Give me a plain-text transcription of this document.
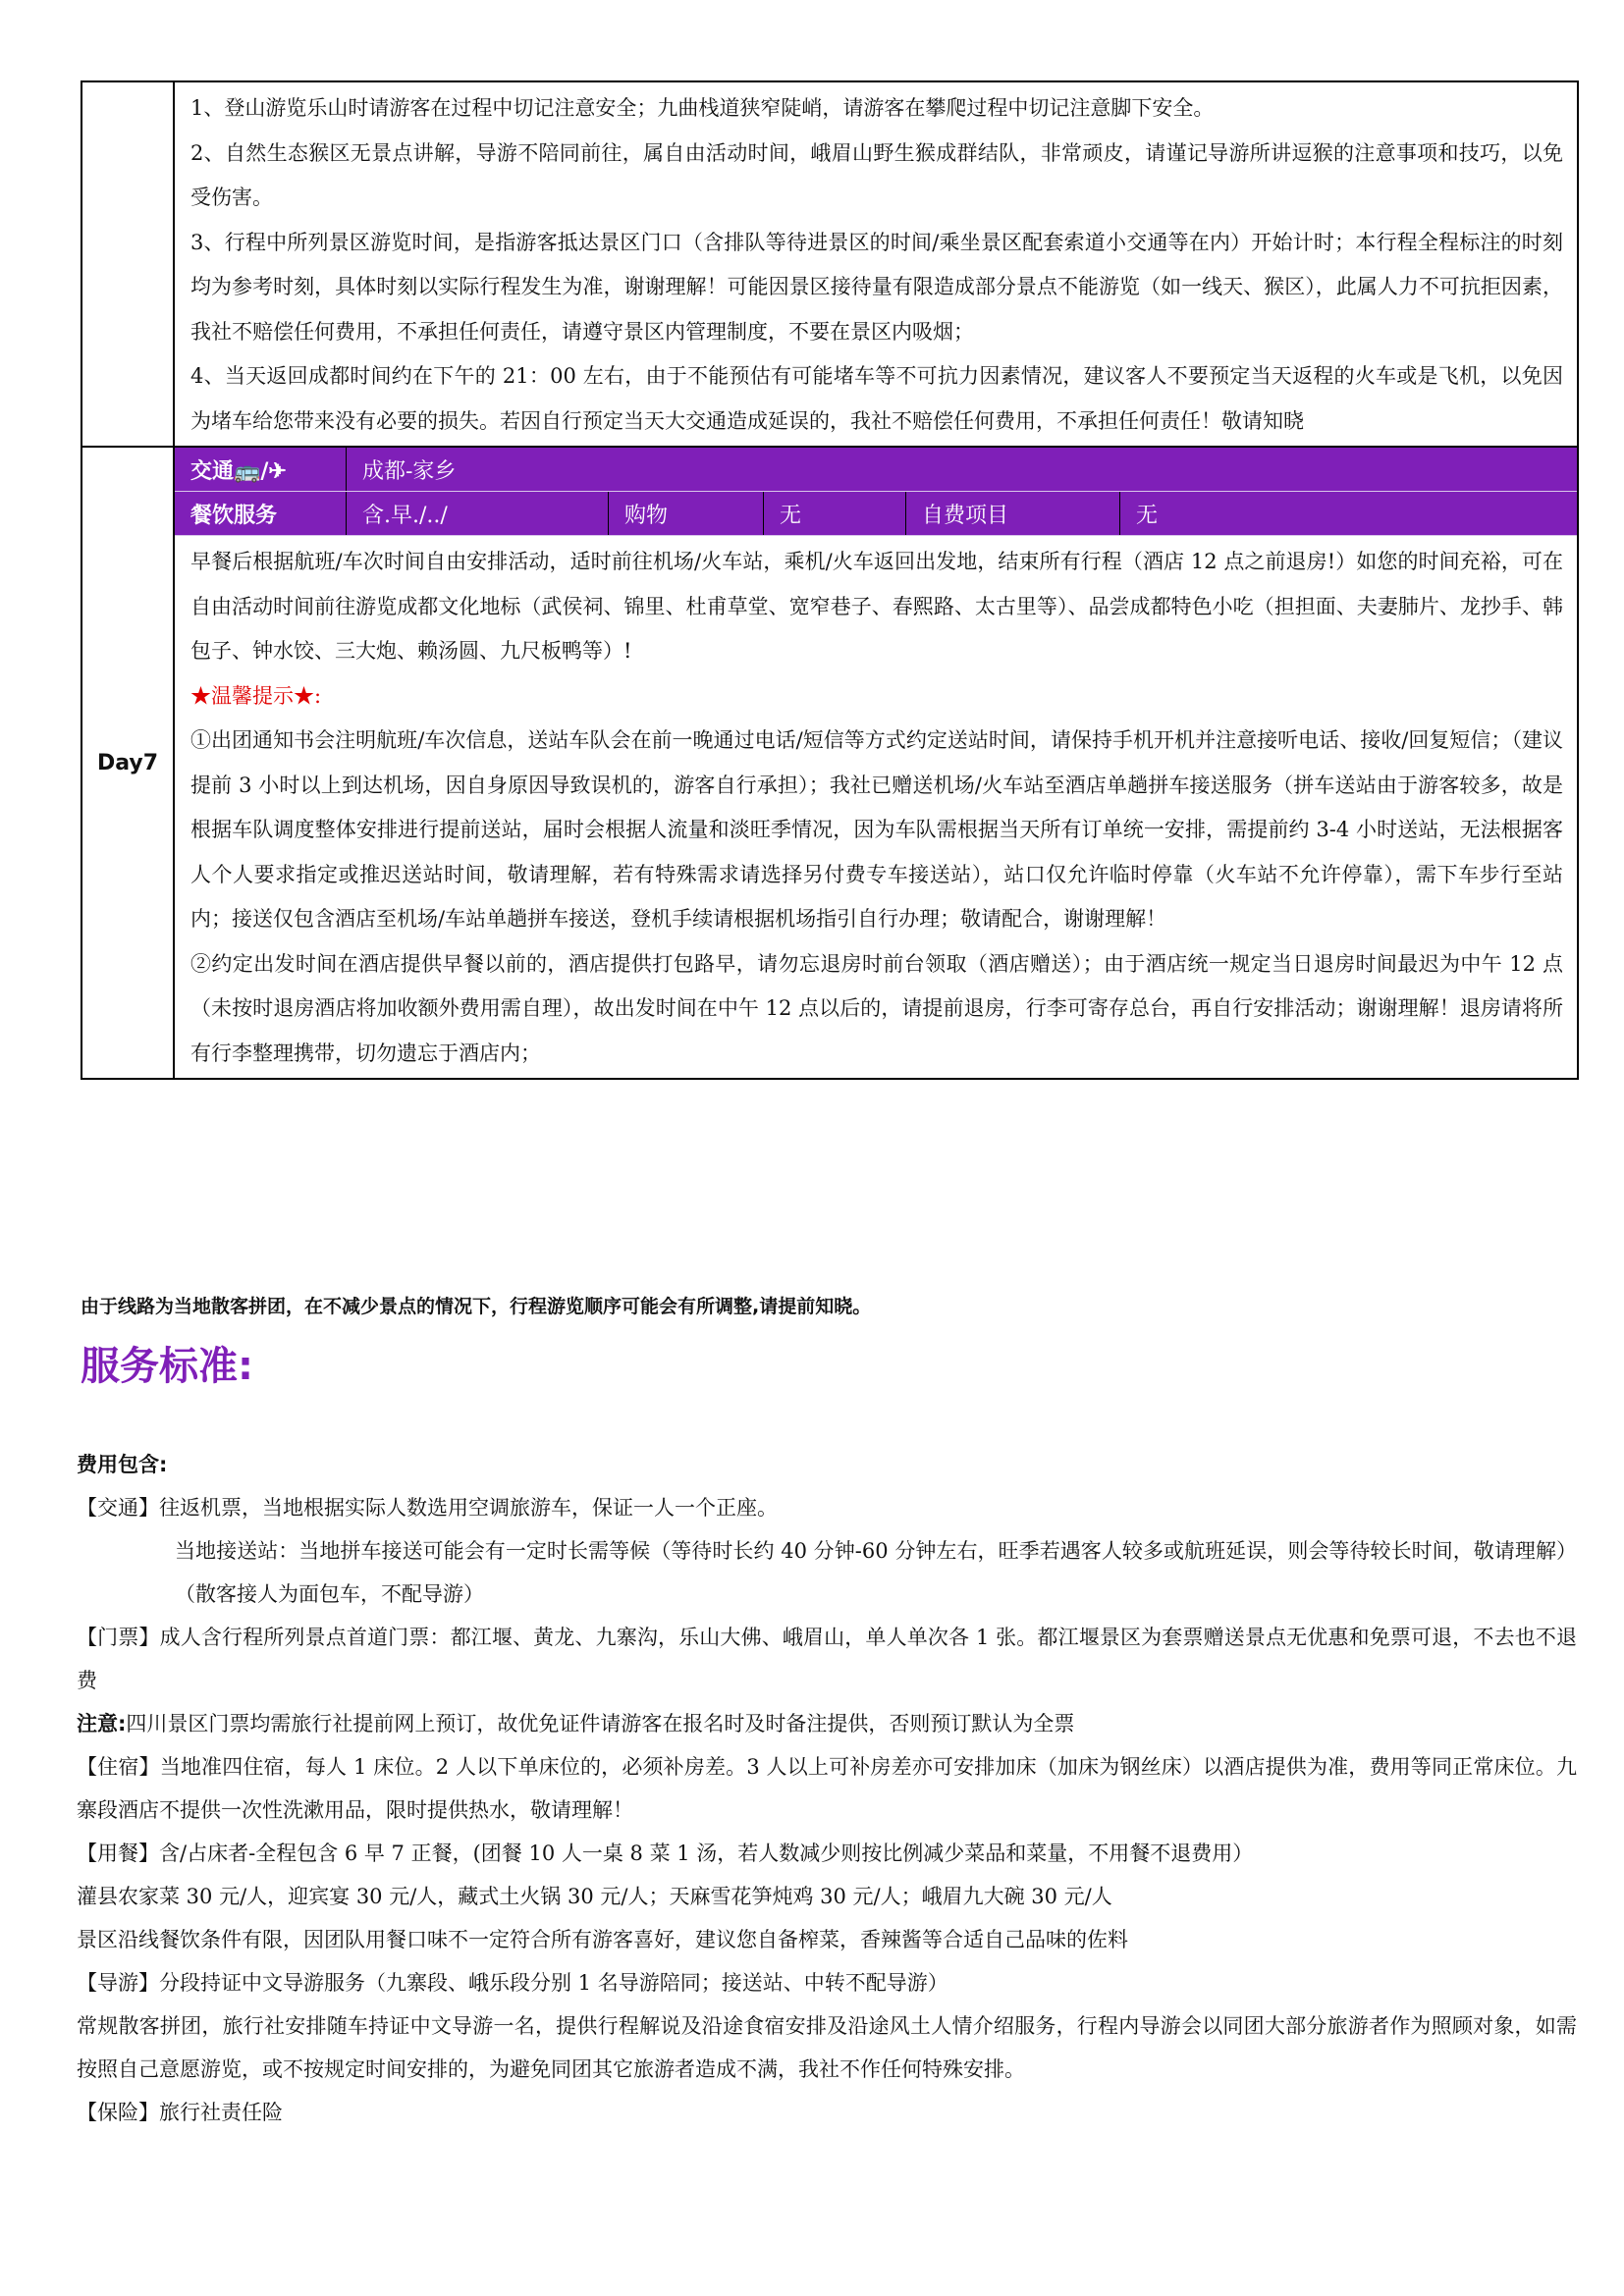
1、登山游览乐山时请游客在过程中切记注意安全；九曲栈道狭窄陡峭，请游客在攀爬过程中切记注意脚下安全。
2、自然生态猴区无景点讲解，导游不陪同前往，属自由活动时间，峨眉山野生猴成群结队，非常顽皮，请谨记导游所讲逗猴的注意事项和技巧，以免受伤害。
3、行程中所列景区游览时间，是指游客抵达景区门口（含排队等待进景区的时间/乘坐景区配套索道小交通等在内）开始计时；本行程全程标注的时刻均为参考时刻，具体时刻以实际行程发生为准，谢谢理解！可能因景区接待量有限造成部分景点不能游览（如一线天、猴区），此属人力不可抗拒因素，我社不赔偿任何费用，不承担任何责任，请遵守景区内管理制度，不要在景区内吸烟；
4、当天返回成都时间约在下午的 21：00 左右，由于不能预估有可能堵车等不可抗力因素情况，建议客人不要预定当天返程的火车或是飞机，以免因为堵车给您带来没有必要的损失。若因自行预定当天大交通造成延误的，我社不赔偿任何费用，不承担任何责任！敬请知晓
Day7
交通🚌/✈	成都-家乡
餐饮服务	含.早./../	购物	无	自费项目	无
早餐后根据航班/车次时间自由安排活动，适时前往机场/火车站，乘机/火车返回出发地，结束所有行程（酒店 12 点之前退房!）如您的时间充裕，可在自由活动时间前往游览成都文化地标（武侯祠、锦里、杜甫草堂、宽窄巷子、春熙路、太古里等）、品尝成都特色小吃（担担面、夫妻肺片、龙抄手、韩包子、钟水饺、三大炮、赖汤圆、九尺板鸭等）!
★温馨提示★:
①出团通知书会注明航班/车次信息，送站车队会在前一晚通过电话/短信等方式约定送站时间，请保持手机开机并注意接听电话、接收/回复短信；（建议提前 3 小时以上到达机场，因自身原因导致误机的，游客自行承担）；我社已赠送机场/火车站至酒店单趟拼车接送服务（拼车送站由于游客较多，故是根据车队调度整体安排进行提前送站，届时会根据人流量和淡旺季情况，因为车队需根据当天所有订单统一安排，需提前约 3-4 小时送站，无法根据客人个人要求指定或推迟送站时间，敬请理解，若有特殊需求请选择另付费专车接送站），站口仅允许临时停靠（火车站不允许停靠），需下车步行至站内；接送仅包含酒店至机场/车站单趟拼车接送，登机手续请根据机场指引自行办理；敬请配合，谢谢理解！
②约定出发时间在酒店提供早餐以前的，酒店提供打包路早，请勿忘退房时前台领取（酒店赠送）；由于酒店统一规定当日退房时间最迟为中午 12 点（未按时退房酒店将加收额外费用需自理），故出发时间在中午 12 点以后的，请提前退房，行李可寄存总台，再自行安排活动；谢谢理解！退房请将所有行李整理携带，切勿遗忘于酒店内；
由于线路为当地散客拼团，在不减少景点的情况下，行程游览顺序可能会有所调整,请提前知晓。
服务标准:

费用包含:

【交通】往返机票，当地根据实际人数选用空调旅游车，保证一人一个正座。

当地接送站：当地拼车接送可能会有一定时长需等候（等待时长约 40 分钟-60 分钟左右，旺季若遇客人较多或航班延误，则会等待较长时间，敬请理解）（散客接人为面包车，不配导游）

【门票】成人含行程所列景点首道门票：都江堰、黄龙、九寨沟，乐山大佛、峨眉山，单人单次各 1 张。都江堰景区为套票赠送景点无优惠和免票可退，不去也不退费

注意:四川景区门票均需旅行社提前网上预订，故优免证件请游客在报名时及时备注提供，否则预订默认为全票

【住宿】当地准四住宿，每人 1 床位。2 人以下单床位的，必须补房差。3 人以上可补房差亦可安排加床（加床为钢丝床）以酒店提供为准，费用等同正常床位。九寨段酒店不提供一次性洗漱用品，限时提供热水，敬请理解！

【用餐】含/占床者-全程包含 6 早 7 正餐，(团餐 10 人一桌 8 菜 1 汤，若人数减少则按比例减少菜品和菜量，不用餐不退费用）

灌县农家菜 30 元/人，迎宾宴 30 元/人，藏式土火锅 30 元/人；天麻雪花笋炖鸡 30 元/人；峨眉九大碗 30 元/人

景区沿线餐饮条件有限，因团队用餐口味不一定符合所有游客喜好，建议您自备榨菜，香辣酱等合适自己品味的佐料

【导游】分段持证中文导游服务（九寨段、峨乐段分别 1 名导游陪同；接送站、中转不配导游）

常规散客拼团，旅行社安排随车持证中文导游一名，提供行程解说及沿途食宿安排及沿途风土人情介绍服务，行程内导游会以同团大部分旅游者作为照顾对象，如需按照自己意愿游览，或不按规定时间安排的，为避免同团其它旅游者造成不满，我社不作任何特殊安排。

【保险】旅行社责任险
